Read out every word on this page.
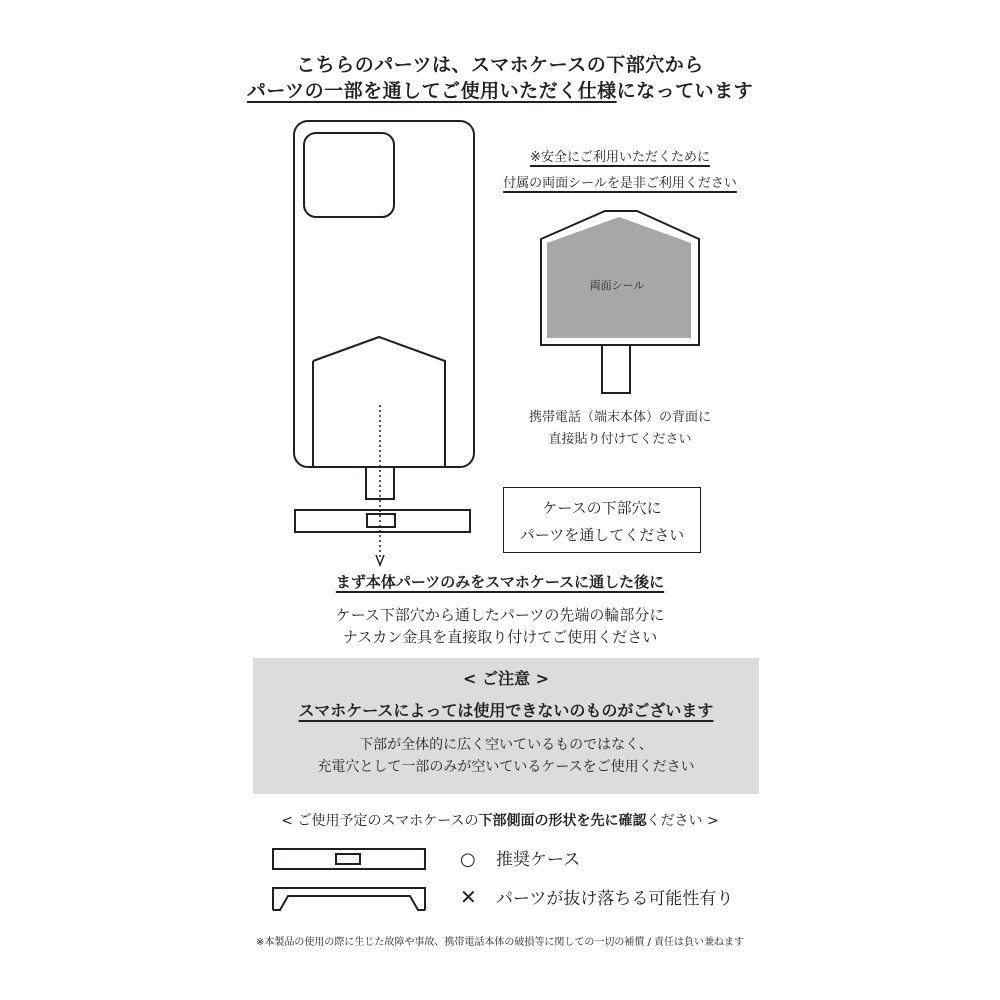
こちらのパーツは、スマホケースの下部穴から
パーツの一部を通してご使用いただく仕様になっています
※安全にご利用いただくために
付属の両面シールを是非ご利用ください
両面シール
携帯電話（端末本体）の背面に
直接貼り付けてください
ケースの下部穴に
パーツを通してください
まず本体パーツのみをスマホケースに通した後に
ケース下部穴から通したパーツの先端の輪部分に
ナスカン金具を直接取り付けてご使用ください
< ご注意 >
スマホケースによっては使用できないのものがございます
下部が全体的に広く空いているものではなく、
充電穴として一部のみが空いているケースをご使用ください
< ご使用予定のスマホケースの下部側面の形状を先に確認ください >
○ 推奨ケース
✕ パーツが抜け落ちる可能性有り
※本製品の使用の際に生じた故障や事故、携帯電話本体の破損等に関しての一切の補償 / 責任は負い兼ねます
